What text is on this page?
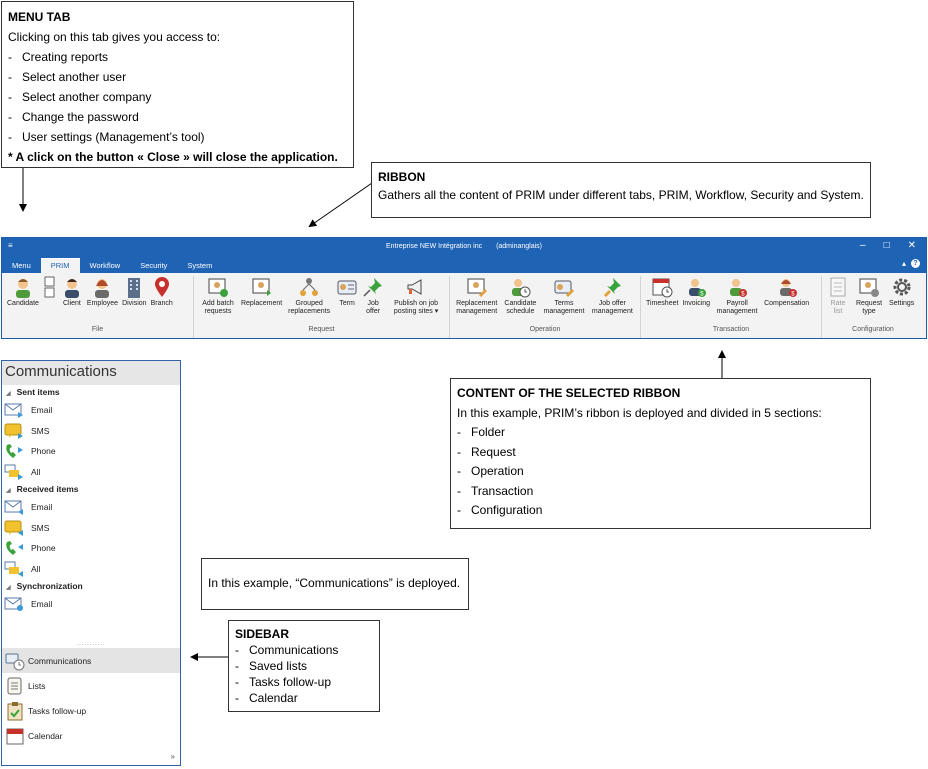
MENU TAB
Clicking on this tab gives you access to:
- Creating reports
- Select another user
- Select another company
- Change the password
- User settings (Management’s tool)
* A click on the button « Close » will close the application.
RIBBON
Gathers all the content of PRIM under different tabs, PRIM, Workflow, Security and System.
≡	Entreprise NEW Intégration inc (adminanglais)	– □ ✕
Menu	PRIM	Workflow	Security	System	▴	?
Candidate	Client Employee Division Branch
File
Add batch requests
Replacement	Grouped replacements
Term	Job offer
Publish on job posting sites ▾
Request
Replacement management
Candidate schedule
Terms management
Job offer management
Operation
Timesheet
$
Invoicing
$
Payroll management
$
Compensation
Transaction
Rate list
Request type
Settings
Configuration
CONTENT OF THE SELECTED RIBBON
In this example, PRIM’s ribbon is deployed and divided in 5 sections:
- Folder
- Request
- Operation
- Transaction
- Configuration
In this example, “Communications” is deployed.
SIDEBAR
- Communications
- Saved lists
- Tasks follow-up
- Calendar
Communications
◢ Sent items
Email
SMS
Phone
All
◢ Received items
Email
SMS
Phone
All
◢ Synchronization
Email
...........
Communications
Lists
Tasks follow-up
Calendar
»
